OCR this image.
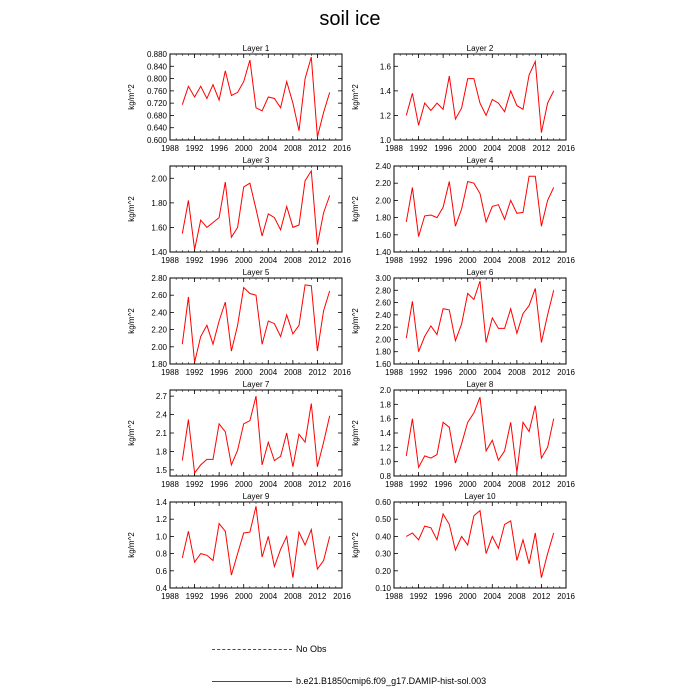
soil ice
Layer 1
1988 1992 1996 2000 2004 2008 2012 2016
0.600
0.640
0.680
0.720
0.760
0.800
0.840
0.880
kg/m^2
Layer 2
1988 1992 1996 2000 2004 2008 2012 2016
1.0
1.2
1.4
1.6
kg/m^2
Layer 3
1988 1992 1996 2000 2004 2008 2012 2016
1.40
1.60
1.80
2.00
kg/m^2
Layer 4
1988 1992 1996 2000 2004 2008 2012 2016
1.40
1.60
1.80
2.00
2.20
2.40
kg/m^2
Layer 5
1988 1992 1996 2000 2004 2008 2012 2016
1.80
2.00
2.20
2.40
2.60
2.80
kg/m^2
Layer 6
1988 1992 1996 2000 2004 2008 2012 2016
1.60
1.80
2.00
2.20
2.40
2.60
2.80
3.00
kg/m^2
Layer 7
1988 1992 1996 2000 2004 2008 2012 2016
1.5
1.8
2.1
2.4
2.7
kg/m^2
Layer 8
1988 1992 1996 2000 2004 2008 2012 2016
0.8
1.0
1.2
1.4
1.6
1.8
2.0
kg/m^2
Layer 9
1988 1992 1996 2000 2004 2008 2012 2016
0.4
0.6
0.8
1.0
1.2
1.4
kg/m^2
Layer 10
1988 1992 1996 2000 2004 2008 2012 2016
0.10
0.20
0.30
0.40
0.50
0.60
kg/m^2
No Obs
b.e21.B1850cmip6.f09_g17.DAMIP-hist-sol.003
